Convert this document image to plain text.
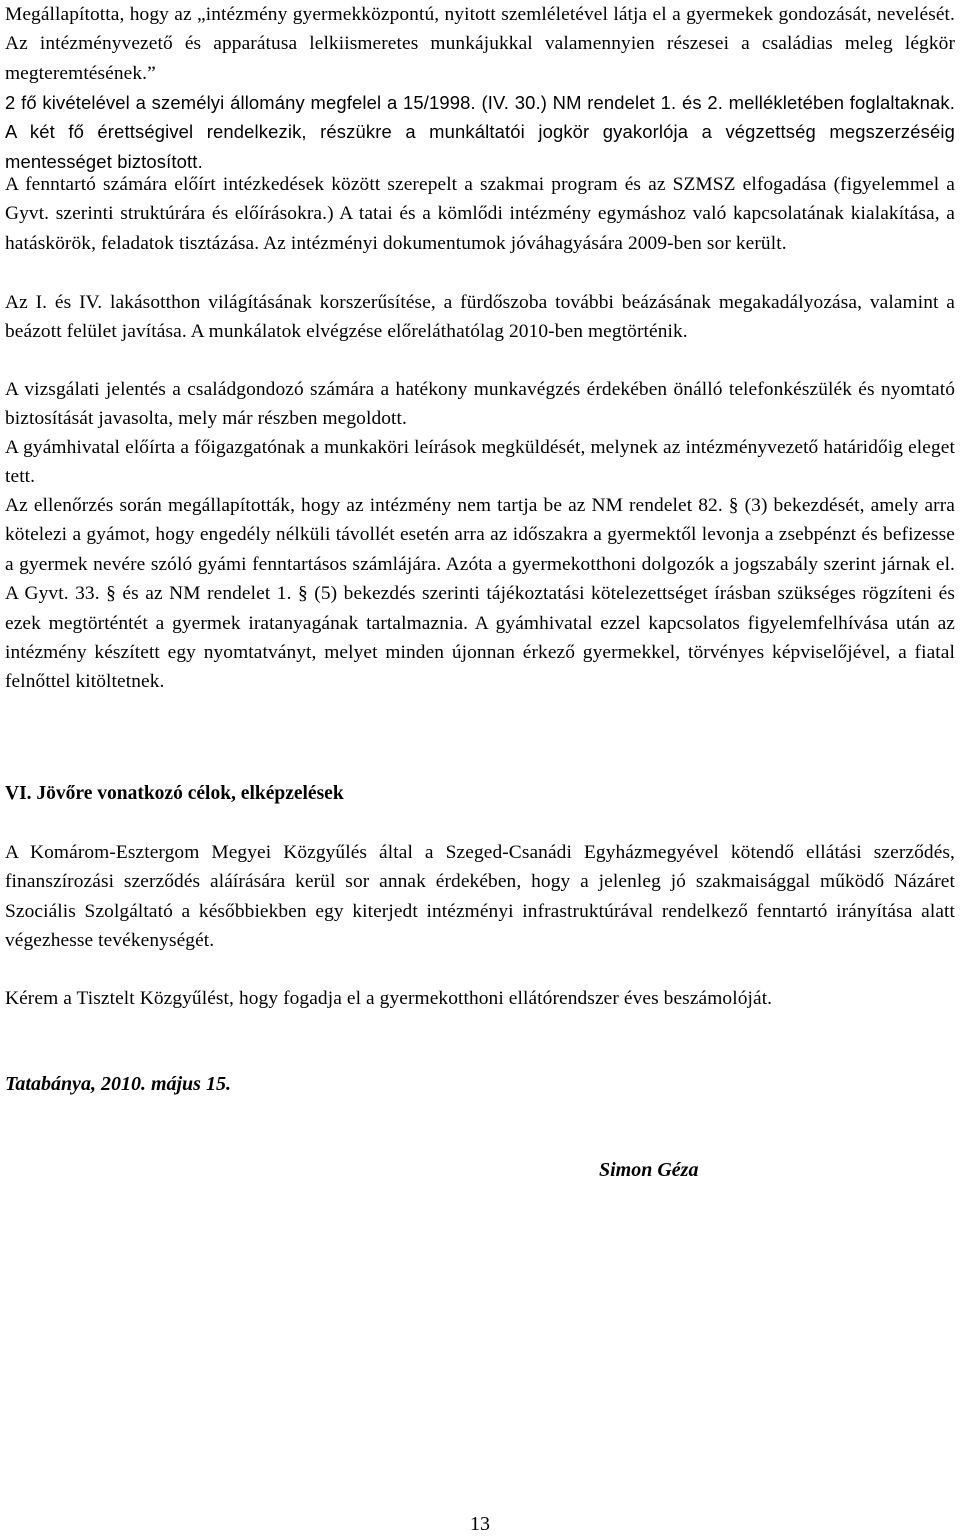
Megállapította, hogy az „intézmény gyermekközpontú, nyitott szemléletével látja el a gyermekek gondozását, nevelését. Az intézményvezető és apparátusa lelkiismeretes munkájukkal valamennyien részesei a családias meleg légkör megteremtésének.”

2 fő kivételével a személyi állomány megfelel a 15/1998. (IV. 30.) NM rendelet 1. és 2. mellékletében foglaltaknak. A két fő érettségivel rendelkezik, részükre a munkáltatói jogkör gyakorlója a végzettség megszerzéséig mentességet biztosított.

A fenntartó számára előírt intézkedések között szerepelt a szakmai program és az SZMSZ elfogadása (figyelemmel a Gyvt. szerinti struktúrára és előírásokra.) A tatai és a kömlődi intézmény egymáshoz való kapcsolatának kialakítása, a hatáskörök, feladatok tisztázása. Az intézményi dokumentumok jóváhagyására 2009-ben sor került.

Az I. és IV. lakásotthon világításának korszerűsítése, a fürdőszoba további beázásának megakadályozása, valamint a beázott felület javítása. A munkálatok elvégzése előreláthatólag 2010-ben megtörténik.

A vizsgálati jelentés a családgondozó számára a hatékony munkavégzés érdekében önálló telefonkészülék és nyomtató biztosítását javasolta, mely már részben megoldott.

A gyámhivatal előírta a főigazgatónak a munkaköri leírások megküldését, melynek az intézményvezető határidőig eleget tett.

Az ellenőrzés során megállapították, hogy az intézmény nem tartja be az NM rendelet 82. § (3) bekezdését, amely arra kötelezi a gyámot, hogy engedély nélküli távollét esetén arra az időszakra a gyermektől levonja a zsebpénzt és befizesse a gyermek nevére szóló gyámi fenntartásos számlájára. Azóta a gyermekotthoni dolgozók a jogszabály szerint járnak el. A Gyvt. 33. § és az NM rendelet 1. § (5) bekezdés szerinti tájékoztatási kötelezettséget írásban szükséges rögzíteni és ezek megtörténtét a gyermek iratanyagának tartalmaznia. A gyámhivatal ezzel kapcsolatos figyelemfelhívása után az intézmény készített egy nyomtatványt, melyet minden újonnan érkező gyermekkel, törvényes képviselőjével, a fiatal felnőttel kitöltetnek.

VI. Jövőre vonatkozó célok, elképzelések

A Komárom-Esztergom Megyei Közgyűlés által a Szeged-Csanádi Egyházmegyével kötendő ellátási szerződés, finanszírozási szerződés aláírására kerül sor annak érdekében, hogy a jelenleg jó szakmaisággal működő Názáret Szociális Szolgáltató a későbbiekben egy kiterjedt intézményi infrastruktúrával rendelkező fenntartó irányítása alatt végezhesse tevékenységét.

Kérem a Tisztelt Közgyűlést, hogy fogadja el a gyermekotthoni ellátórendszer éves beszámolóját.

Tatabánya, 2010. május 15.

Simon Géza

13
